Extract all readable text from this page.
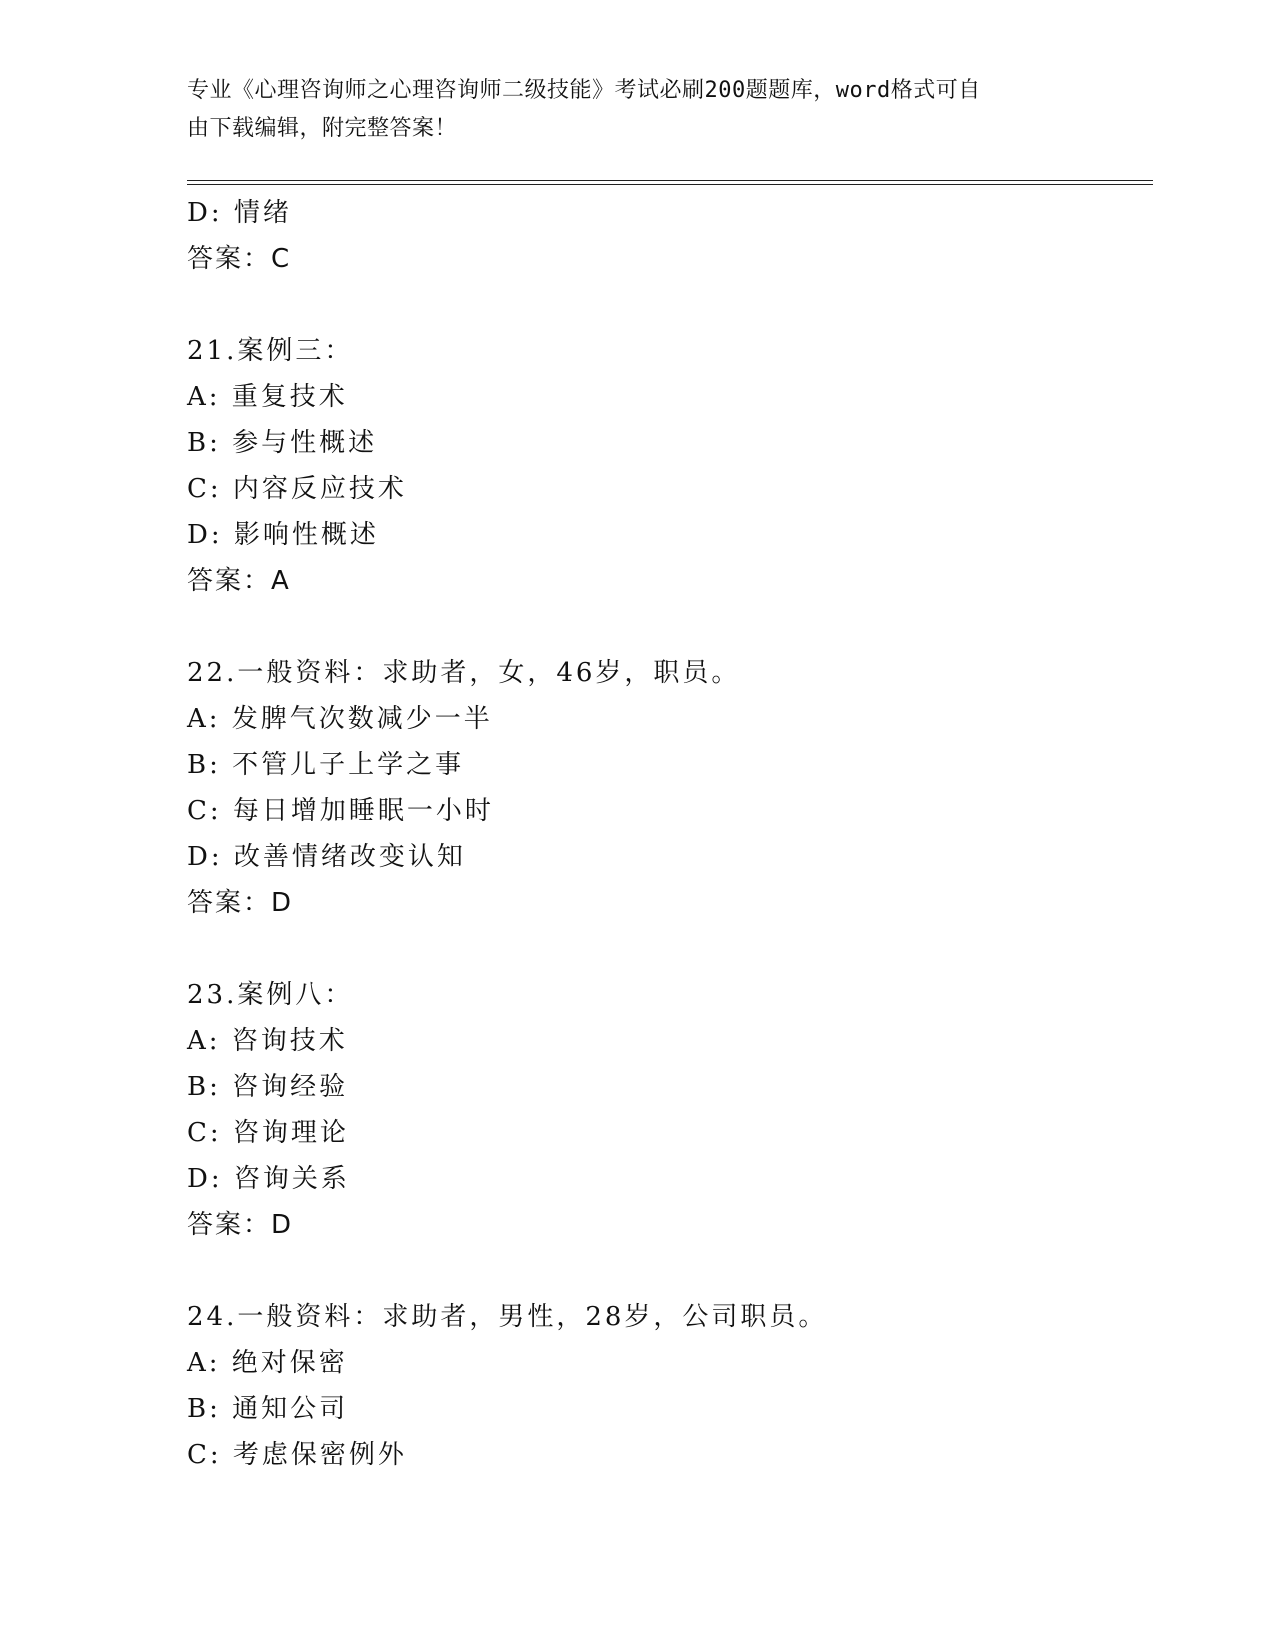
专业《心理咨询师之心理咨询师二级技能》考试必刷200题题库，word格式可自
由下载编辑，附完整答案！
D: 情绪
答案：C
21.案例三：
A: 重复技术
B: 参与性概述
C: 内容反应技术
D: 影响性概述
答案：A
22.一般资料：求助者，女，46岁，职员。
A: 发脾气次数减少一半
B: 不管儿子上学之事
C: 每日增加睡眠一小时
D: 改善情绪改变认知
答案：D
23.案例八：
A: 咨询技术
B: 咨询经验
C: 咨询理论
D: 咨询关系
答案：D
24.一般资料：求助者，男性，28岁，公司职员。
A: 绝对保密
B: 通知公司
C: 考虑保密例外
